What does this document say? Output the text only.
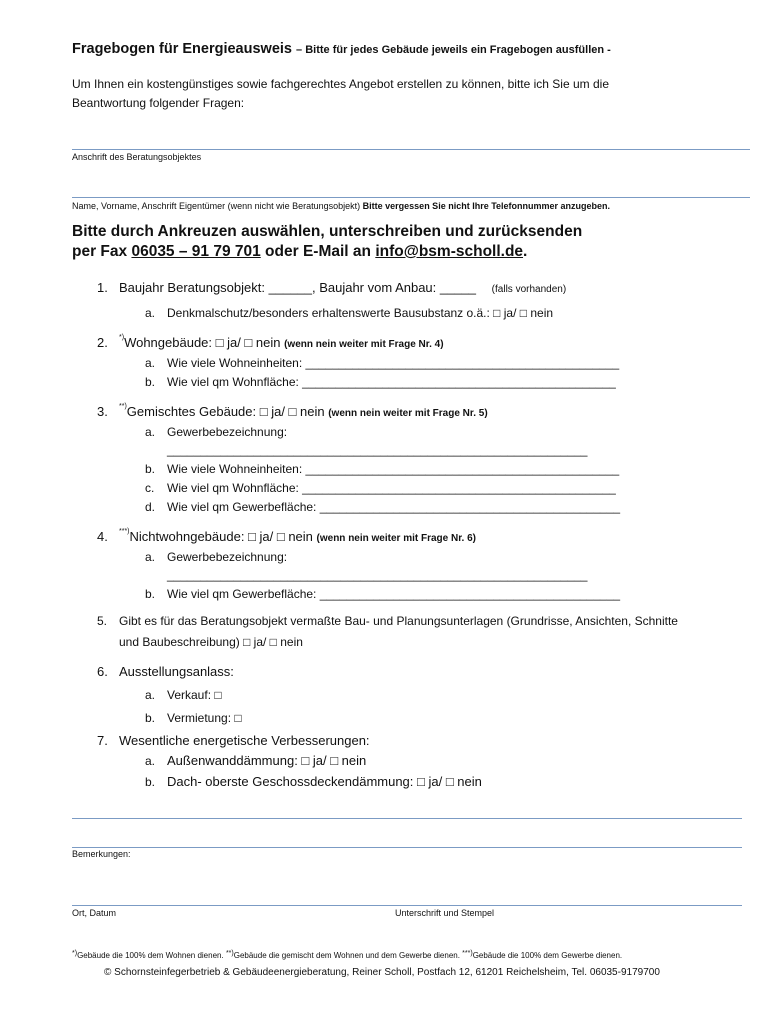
Fragebogen für Energieausweis – Bitte für jedes Gebäude jeweils ein Fragebogen ausfüllen -
Um Ihnen ein kostengünstiges sowie fachgerechtes Angebot erstellen zu können, bitte ich Sie um die
Beantwortung folgender Fragen:
Anschrift des Beratungsobjektes
Name, Vorname, Anschrift Eigentümer (wenn nicht wie Beratungsobjekt) Bitte vergessen Sie nicht Ihre Telefonnummer anzugeben.
Bitte durch Ankreuzen auswählen, unterschreiben und zurücksenden
per Fax 06035 – 91 79 701 oder E-Mail an info@bsm-scholl.de.
1. Baujahr Beratungsobjekt: ______, Baujahr vom Anbau: _____ (falls vorhanden)
a. Denkmalschutz/besonders erhaltenswerte Bausubstanz o.ä.: □ ja/ □ nein
2. *)Wohngebäude: □ ja/ □ nein (wenn nein weiter mit Frage Nr. 4)
a. Wie viele Wohneinheiten: _______________________________________________
b. Wie viel qm Wohnfläche: _______________________________________________
3. **)Gemischtes Gebäude: □ ja/ □ nein (wenn nein weiter mit Frage Nr. 5)
a. Gewerbebezeichnung:
_______________________________________________________________
b. Wie viele Wohneinheiten: _______________________________________________
c. Wie viel qm Wohnfläche: _______________________________________________
d. Wie viel qm Gewerbefläche: _____________________________________________
4. ***)Nichtwohngebäude: □ ja/ □ nein (wenn nein weiter mit Frage Nr. 6)
a. Gewerbebezeichnung:
_______________________________________________________________
b. Wie viel qm Gewerbefläche: _____________________________________________
5. Gibt es für das Beratungsobjekt vermaßte Bau- und Planungsunterlagen (Grundrisse, Ansichten, Schnitte
und Baubeschreibung) □ ja/ □ nein
6. Ausstellungsanlass:
a. Verkauf: □
b. Vermietung: □
7. Wesentliche energetische Verbesserungen:
a. Außenwanddämmung: □ ja/ □ nein
b. Dach- oberste Geschossdeckendämmung: □ ja/ □ nein
Bemerkungen:
Ort, Datum	Unterschrift und Stempel
*)Gebäude die 100% dem Wohnen dienen. **)Gebäude die gemischt dem Wohnen und dem Gewerbe dienen. ***)Gebäude die 100% dem Gewerbe dienen.
© Schornsteinfegerbetrieb & Gebäudeenergieberatung, Reiner Scholl, Postfach 12, 61201 Reichelsheim, Tel. 06035-9179700
